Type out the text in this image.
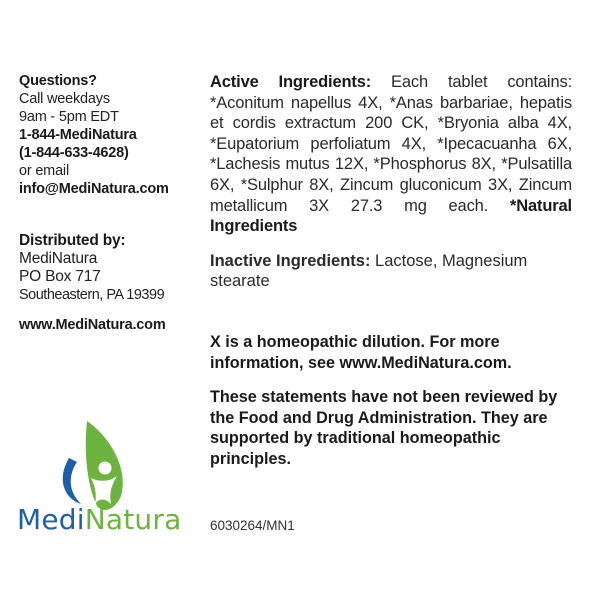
Questions?
Call weekdays
9am - 5pm EDT
1-844-MediNatura
(1-844-633-4628)
or email
info@MediNatura.com
Distributed by:
MediNatura
PO Box 717
Southeastern, PA 19399
www.MediNatura.com
MediNatura
Active Ingredients: Each tablet contains: *Aconitum napellus 4X, *Anas barbariae, hepatis et cordis extractum 200 CK, *Bryonia alba 4X, *Eupatorium perfoliatum 4X, *Ipecacuanha 6X, *Lachesis mutus 12X, *Phosphorus 8X, *Pulsatilla 6X, *Sulphur 8X, Zincum gluconicum 3X, Zincum metallicum 3X 27.3 mg each. *Natural Ingredients
Inactive Ingredients: Lactose, Magnesium stearate
X is a homeopathic dilution. For more information, see www.MediNatura.com.
These statements have not been reviewed by the Food and Drug Administration. They are supported by traditional homeopathic principles.
6030264/MN1
